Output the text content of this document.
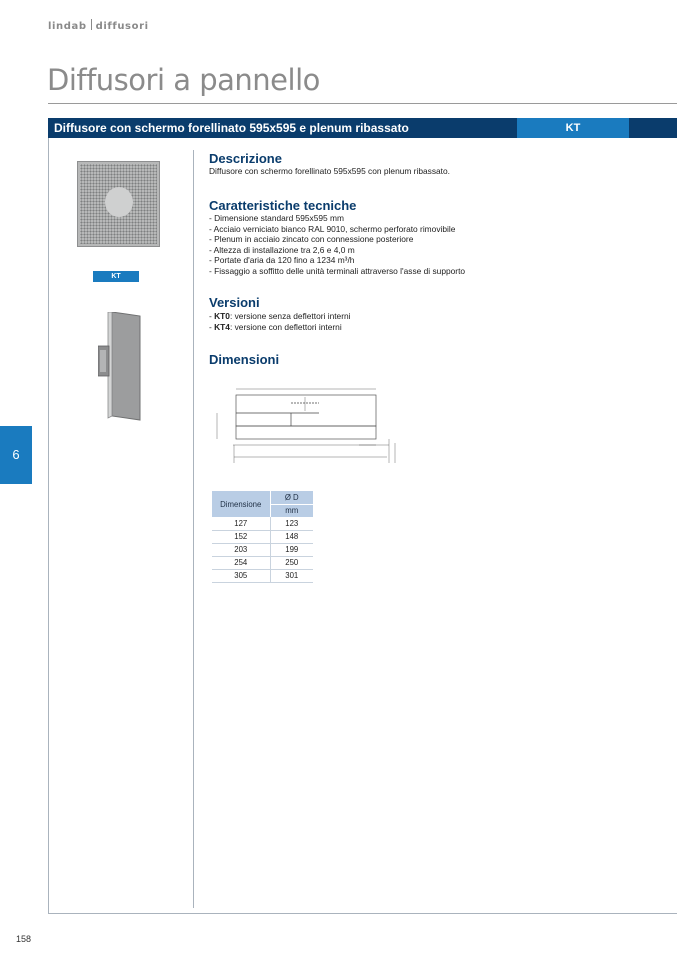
lindab diffusori
Diffusori a pannello
Diffusore con schermo forellinato 595x595 e plenum ribassato	KT
KT
Descrizione
Diffusore con schermo forellinato 595x595 con plenum ribassato.
Caratteristiche tecniche
- Dimensione standard 595x595 mm
- Acciaio verniciato bianco RAL 9010, schermo perforato rimovibile
- Plenum in acciaio zincato con connessione posteriore
- Altezza di installazione tra 2,6 e 4,0 m
- Portate d'aria da 120 fino a 1234 m³/h
- Fissaggio a soffitto delle unità terminali attraverso l'asse di supporto
Versioni
- KT0: versione senza deflettori interni
- KT4: versione con deflettori interni
Dimensioni
Dimensione	Ø D
	mm
127	123
152	148
203	199
254	250
305	301
6
158
